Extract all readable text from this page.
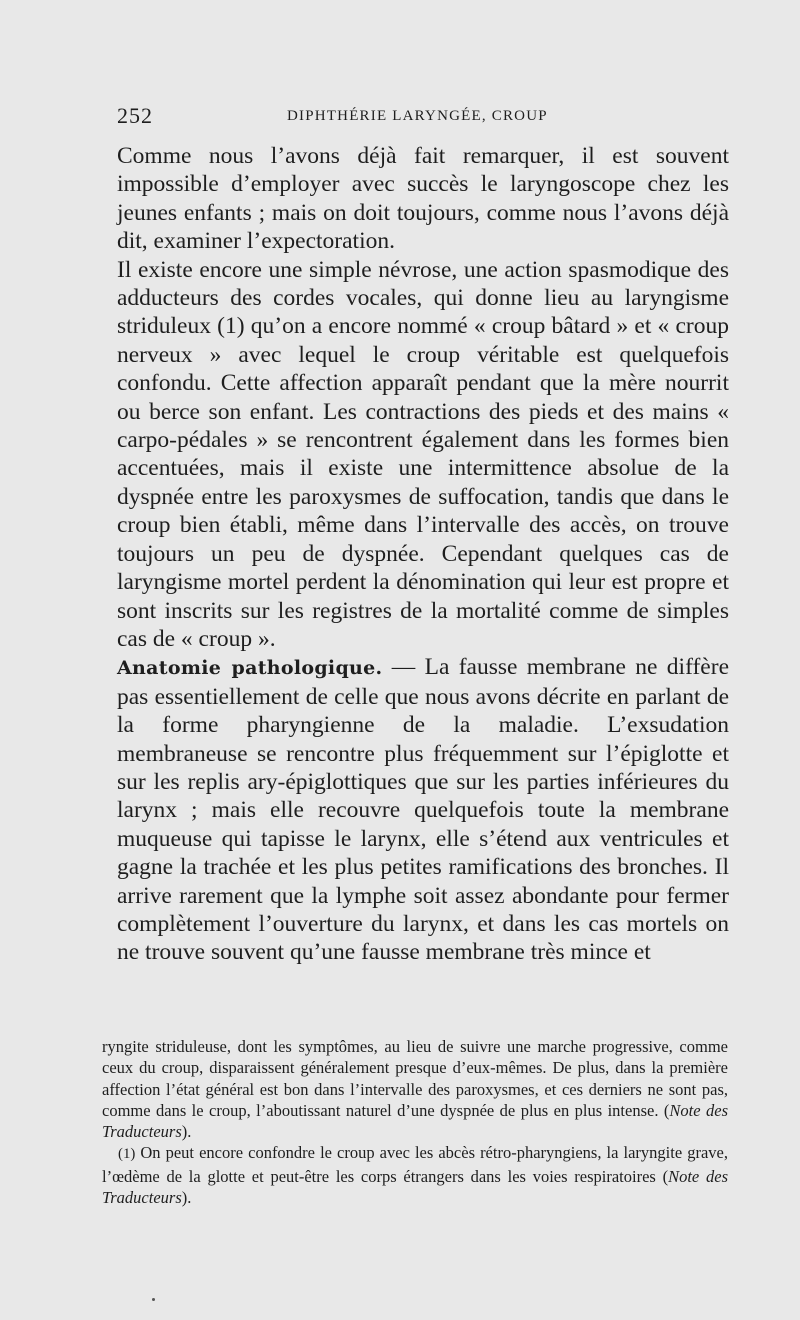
252	DIPHTHÉRIE LARYNGÉE, CROUP

Comme nous l’avons déjà fait remarquer, il est souvent impossible d’employer avec succès le laryngoscope chez les jeunes enfants ; mais on doit toujours, comme nous l’avons déjà dit, examiner l’expectoration.

Il existe encore une simple névrose, une action spasmodique des adducteurs des cordes vocales, qui donne lieu au laryngisme striduleux (1) qu’on a encore nommé « croup bâtard » et « croup nerveux » avec lequel le croup véritable est quelquefois confondu. Cette affection apparaît pendant que la mère nourrit ou berce son enfant. Les contractions des pieds et des mains « carpo-pédales » se rencontrent également dans les formes bien accentuées, mais il existe une intermittence absolue de la dyspnée entre les paroxysmes de suffocation, tandis que dans le croup bien établi, même dans l’intervalle des accès, on trouve toujours un peu de dyspnée. Cependant quelques cas de laryngisme mortel perdent la dénomination qui leur est propre et sont inscrits sur les registres de la mortalité comme de simples cas de « croup ».

Anatomie pathologique. — La fausse membrane ne diffère pas essentiellement de celle que nous avons décrite en parlant de la forme pharyngienne de la maladie. L’exsudation membraneuse se rencontre plus fréquemment sur l’épiglotte et sur les replis ary-épiglottiques que sur les parties inférieures du larynx ; mais elle recouvre quelquefois toute la membrane muqueuse qui tapisse le larynx, elle s’étend aux ventricules et gagne la trachée et les plus petites ramifications des bronches. Il arrive rarement que la lymphe soit assez abondante pour fermer complètement l’ouverture du larynx, et dans les cas mortels on ne trouve souvent qu’une fausse membrane très mince et

ryngite striduleuse, dont les symptômes, au lieu de suivre une marche progressive, comme ceux du croup, disparaissent généralement presque d’eux-mêmes. De plus, dans la première affection l’état général est bon dans l’intervalle des paroxysmes, et ces derniers ne sont pas, comme dans le croup, l’aboutissant naturel d’une dyspnée de plus en plus intense. (Note des Traducteurs).

(1) On peut encore confondre le croup avec les abcès rétro-pharyngiens, la laryngite grave, l’œdème de la glotte et peut-être les corps étrangers dans les voies respiratoires (Note des Traducteurs).
